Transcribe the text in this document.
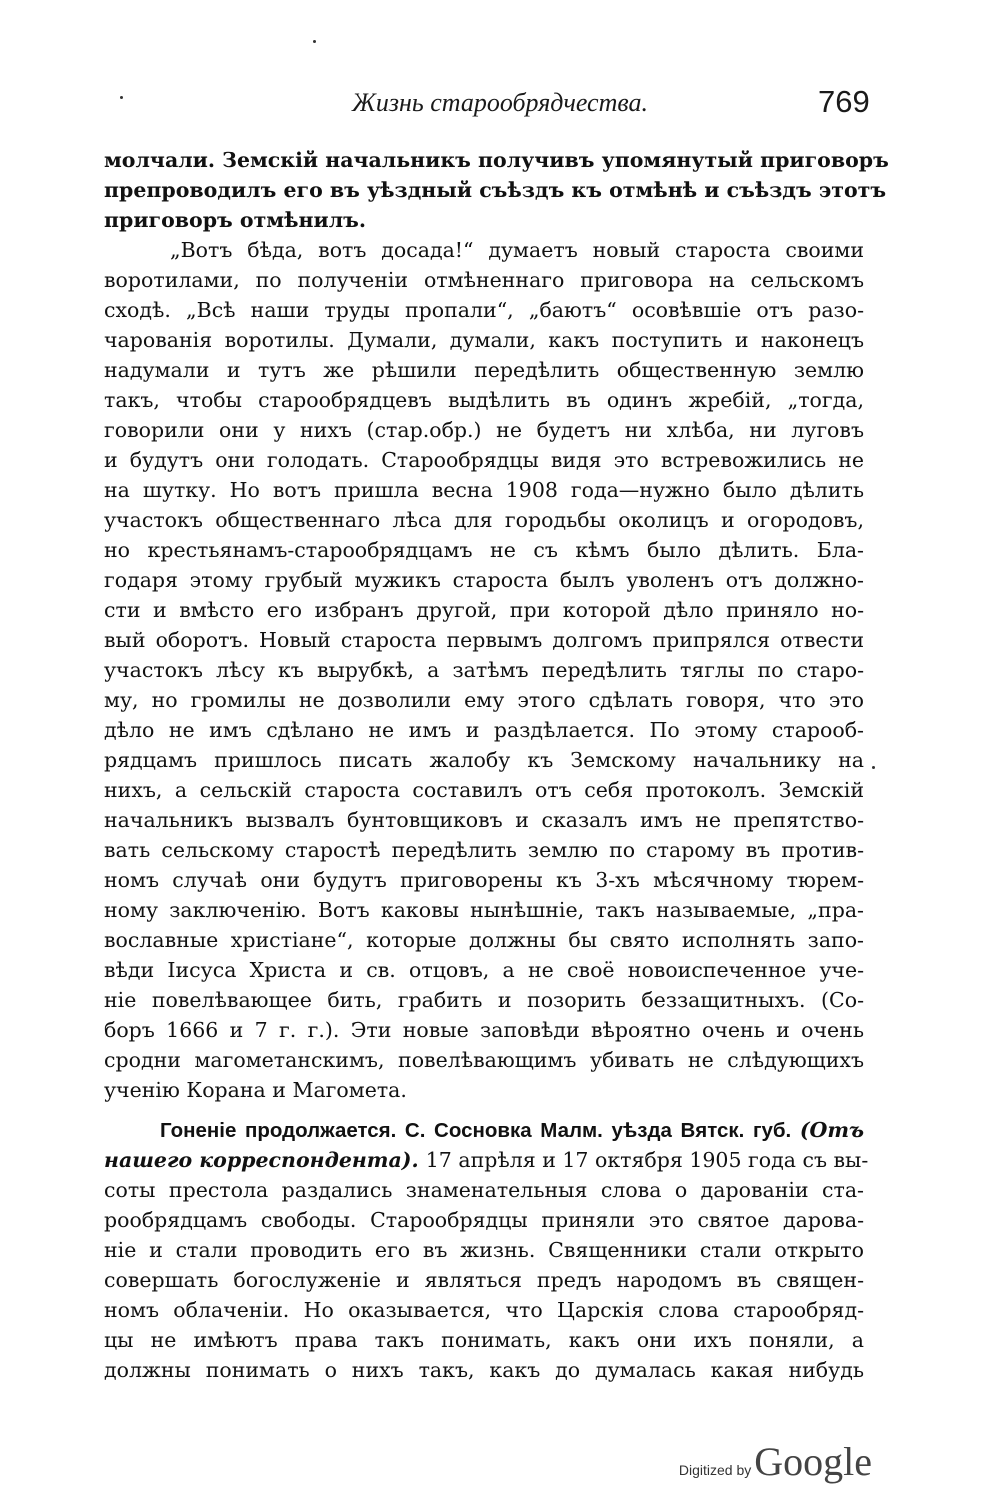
Жизнь старообрядчества.	769
молчали. Земскій начальникъ получивъ упомянутый приговоръ
препроводилъ его въ уѣздный съѣздъ къ отмѣнѣ и съѣздъ этотъ
приговоръ отмѣнилъ.
„Вотъ бѣда, вотъ досада!“ думаетъ новый староста своими
воротилами, по полученіи отмѣненнаго приговора на сельскомъ
сходѣ. „Всѣ наши труды пропали“, „баютъ“ осовѣвшіе отъ разо-
чарованія воротилы. Думали, думали, какъ поступить и наконецъ
надумали и тутъ же рѣшили передѣлить общественную землю
такъ, чтобы старообрядцевъ выдѣлить въ одинъ жребій, „тогда,
говорили они у нихъ (стар.обр.) не будетъ ни хлѣба, ни луговъ
и будутъ они голодать. Старообрядцы видя это встревожились не
на шутку. Но вотъ пришла весна 1908 года—нужно было дѣлить
участокъ общественнаго лѣса для городьбы околицъ и огородовъ,
но крестьянамъ-старообрядцамъ не съ кѣмъ было дѣлить. Бла-
годаря этому грубый мужикъ староста былъ уволенъ отъ должно-
сти и вмѣсто его избранъ другой, при которой дѣло приняло но-
вый оборотъ. Новый староста первымъ долгомъ припрялся отвести
участокъ лѣсу къ вырубкѣ, а затѣмъ передѣлить тяглы по старо-
му, но громилы не дозволили ему этого сдѣлать говоря, что это
дѣло не имъ сдѣлано не имъ и раздѣлается. По этому старооб-
рядцамъ пришлось писать жалобу къ Земскому начальнику на
нихъ, а сельскій староста составилъ отъ себя протоколъ. Земскій
начальникъ вызвалъ бунтовщиковъ и сказалъ имъ не препятство-
вать сельскому старостѣ передѣлить землю по старому въ против-
номъ случаѣ они будутъ приговорены къ 3-хъ мѣсячному тюрем-
ному заключенію. Вотъ каковы нынѣшніе, такъ называемые, „пра-
вославные христіане“, которые должны бы свято исполнять запо-
вѣди Іисуса Христа и св. отцовъ, а не своё новоиспеченное уче-
ніе повелѣвающее бить, грабить и позорить беззащитныхъ. (Со-
боръ 1666 и 7 г. г.). Эти новые заповѣди вѣроятно очень и очень
сродни магометанскимъ, повелѣвающимъ убивать не слѣдующихъ
ученію Корана и Магомета.
Гоненіе продолжается. С. Сосновка Малм. уѣзда Вятск. губ. (Отъ
нашего корреспондента). 17 апрѣля и 17 октября 1905 года съ вы-
соты престола раздались знаменательныя слова о дарованіи ста-
рообрядцамъ свободы. Старообрядцы приняли это святое дарова-
ніе и стали проводить его въ жизнь. Священники стали открыто
совершать богослуженіе и являться предъ народомъ въ священ-
номъ облаченіи. Но оказывается, что Царскія слова старообряд-
цы не имѣютъ права такъ понимать, какъ они ихъ поняли, а
должны понимать о нихъ такъ, какъ до думалась какая нибудь
Digitized byGoogle
